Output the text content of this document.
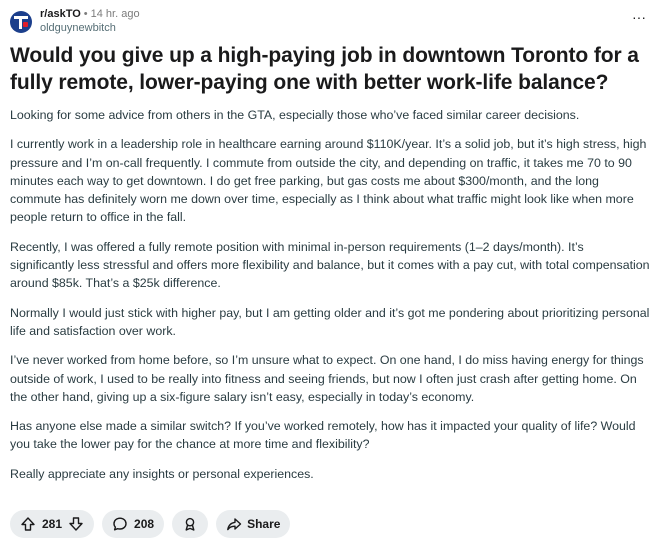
r/askTO • 14 hr. ago
oldguynewbitch
···
Would you give up a high-paying job in downtown Toronto for a fully remote, lower-paying one with better work-life balance?

Looking for some advice from others in the GTA, especially those who’ve faced similar career decisions.

I currently work in a leadership role in healthcare earning around $110K/year. It’s a solid job, but it’s high stress, high pressure and I’m on-call frequently. I commute from outside the city, and depending on traffic, it takes me 70 to 90 minutes each way to get downtown. I do get free parking, but gas costs me about $300/month, and the long commute has definitely worn me down over time, especially as I think about what traffic might look like when more people return to office in the fall.

Recently, I was offered a fully remote position with minimal in-person requirements (1–2 days/month). It’s significantly less stressful and offers more flexibility and balance, but it comes with a pay cut, with total compensation around $85k. That’s a $25k difference.

Normally I would just stick with higher pay, but I am getting older and it’s got me pondering about prioritizing personal life and satisfaction over work.

I’ve never worked from home before, so I’m unsure what to expect. On one hand, I do miss having energy for things outside of work, I used to be really into fitness and seeing friends, but now I often just crash after getting home. On the other hand, giving up a six-figure salary isn’t easy, especially in today’s economy.

Has anyone else made a similar switch? If you’ve worked remotely, how has it impacted your quality of life? Would you take the lower pay for the chance at more time and flexibility?

Really appreciate any insights or personal experiences.

281	208	Share
